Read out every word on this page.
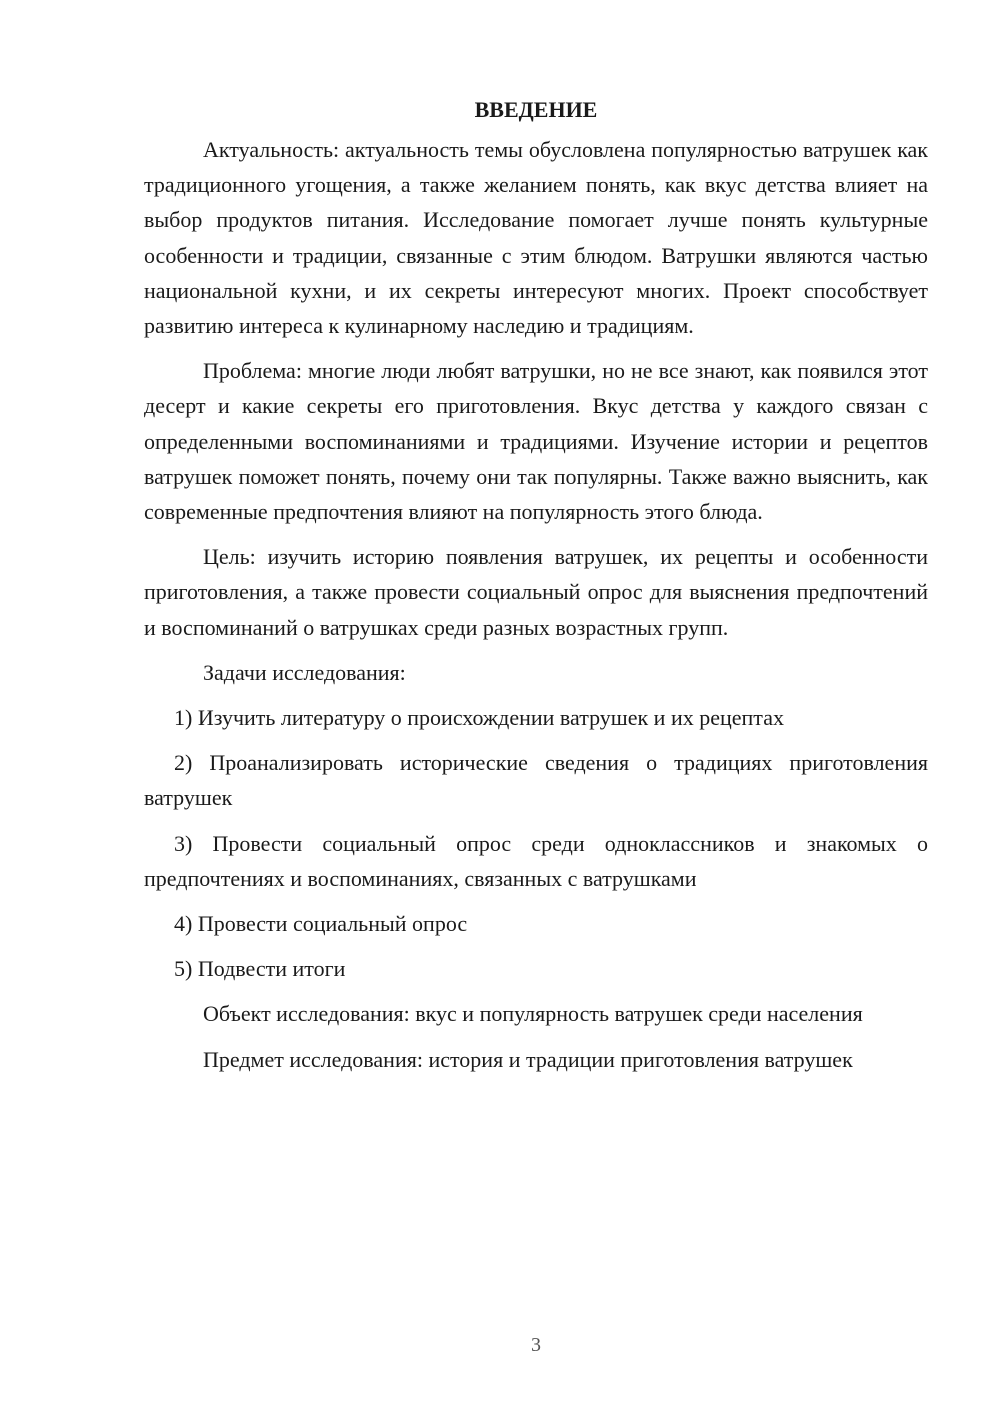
ВВЕДЕНИЕ

Актуальность: актуальность темы обусловлена популярностью ватрушек как традиционного угощения, а также желанием понять, как вкус детства влияет на выбор продуктов питания. Исследование помогает лучше понять культурные особенности и традиции, связанные с этим блюдом. Ватрушки являются частью национальной кухни, и их секреты интересуют многих. Проект способствует развитию интереса к кулинарному наследию и традициям.

Проблема: многие люди любят ватрушки, но не все знают, как появился этот десерт и какие секреты его приготовления. Вкус детства у каждого связан с определенными воспоминаниями и традициями. Изучение истории и рецептов ватрушек поможет понять, почему они так популярны. Также важно выяснить, как современные предпочтения влияют на популярность этого блюда.

Цель: изучить историю появления ватрушек, их рецепты и особенности приготовления, а также провести социальный опрос для выяснения предпочтений и воспоминаний о ватрушках среди разных возрастных групп.

Задачи исследования:

1) Изучить литературу о происхождении ватрушек и их рецептах

2) Проанализировать исторические сведения о традициях приготовления ватрушек

3) Провести социальный опрос среди одноклассников и знакомых о предпочтениях и воспоминаниях, связанных с ватрушками

4) Провести социальный опрос

5) Подвести итоги

Объект исследования: вкус и популярность ватрушек среди населения

Предмет исследования: история и традиции приготовления ватрушек

3
